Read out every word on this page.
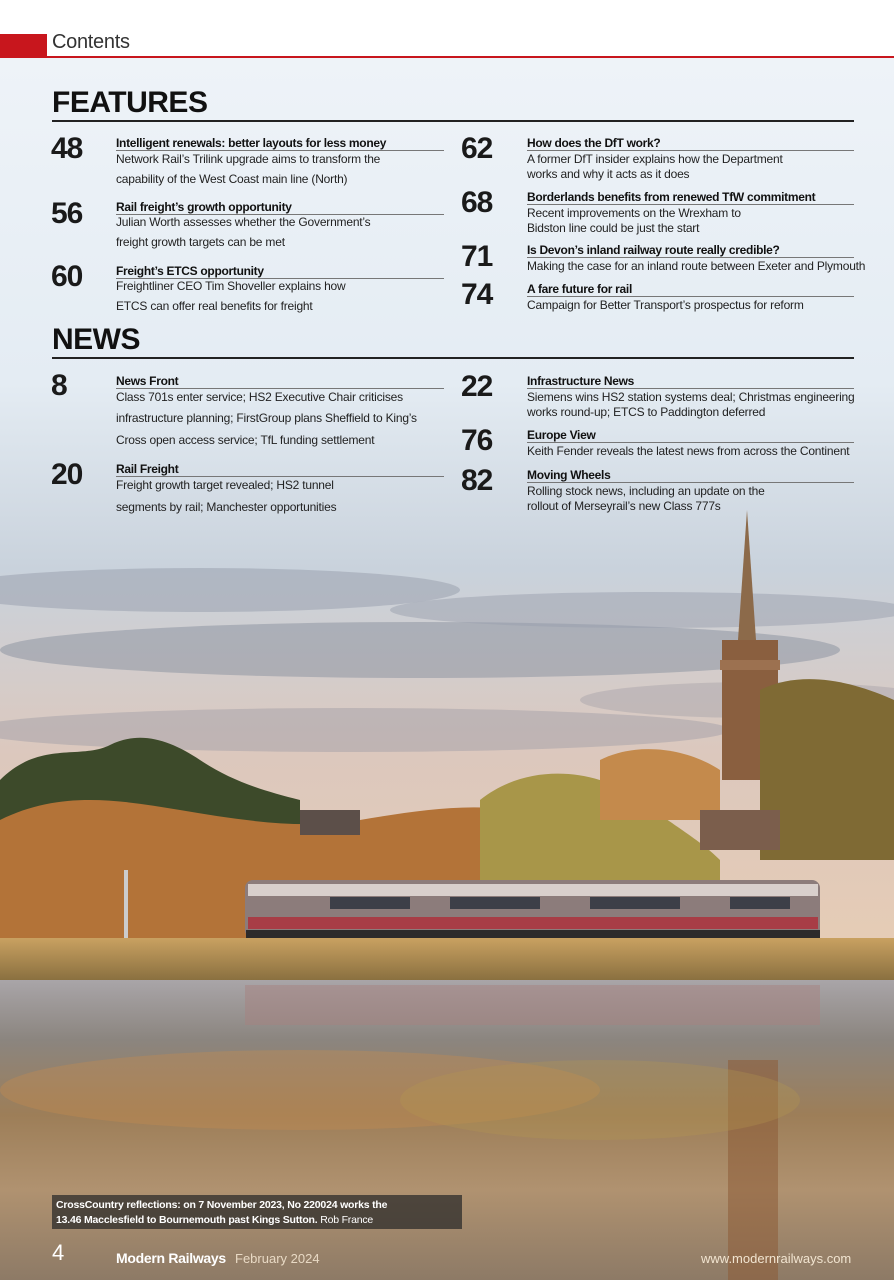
Contents
FEATURES
48	Intelligent renewals: better layouts for less money
Network Rail’s Trilink upgrade aims to transform the
capability of the West Coast main line (North)
56	Rail freight’s growth opportunity
Julian Worth assesses whether the Government’s
freight growth targets can be met
60	Freight’s ETCS opportunity
Freightliner CEO Tim Shoveller explains how
ETCS can offer real benefits for freight
62	How does the DfT work?
A former DfT insider explains how the Department
works and why it acts as it does
68	Borderlands benefits from renewed TfW commitment
Recent improvements on the Wrexham to
Bidston line could be just the start
71	Is Devon’s inland railway route really credible?
Making the case for an inland route between Exeter and Plymouth
74	A fare future for rail
Campaign for Better Transport’s prospectus for reform
NEWS
8	News Front
Class 701s enter service; HS2 Executive Chair criticises
infrastructure planning; FirstGroup plans Sheffield to King’s
Cross open access service; TfL funding settlement
20	Rail Freight
Freight growth target revealed; HS2 tunnel
segments by rail; Manchester opportunities
22	Infrastructure News
Siemens wins HS2 station systems deal; Christmas engineering
works round-up; ETCS to Paddington deferred
76	Europe View
Keith Fender reveals the latest news from across the Continent
82	Moving Wheels
Rolling stock news, including an update on the
rollout of Merseyrail’s new Class 777s
CrossCountry reflections: on 7 November 2023, No 220024 works the
13.46 Macclesfield to Bournemouth past Kings Sutton. Rob France
4	Modern Railways February 2024	www.modernrailways.com
